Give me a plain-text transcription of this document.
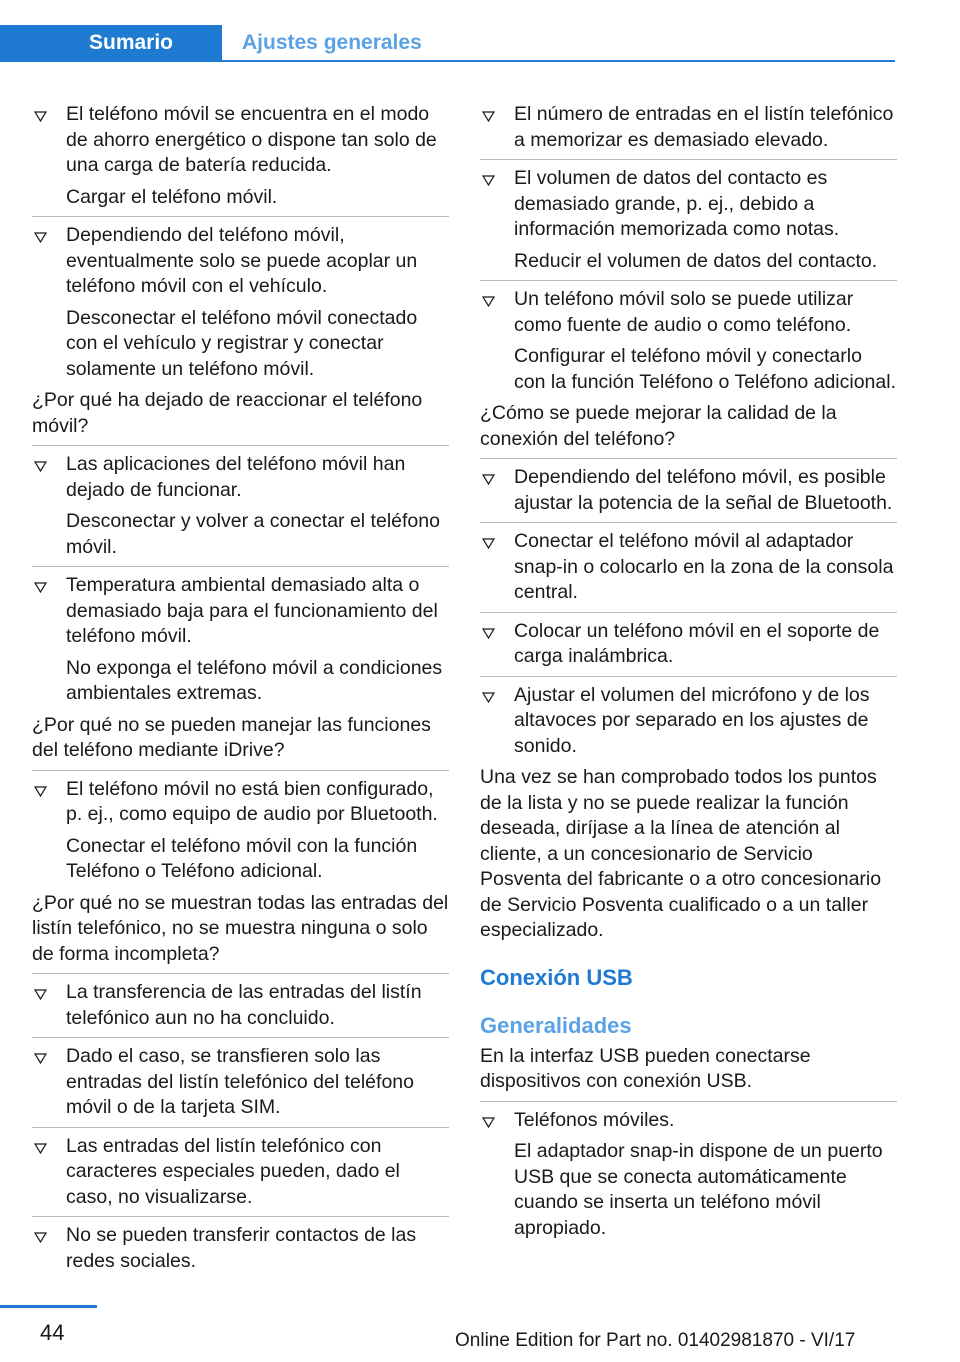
Sumario	Ajustes generales
El teléfono móvil se encuentra en el modo de ahorro energético o dispone tan solo de una carga de batería reducida.
Cargar el teléfono móvil.
Dependiendo del teléfono móvil, eventualmente solo se puede acoplar un teléfono móvil con el vehículo.
Desconectar el teléfono móvil conectado con el vehículo y registrar y conectar solamente un teléfono móvil.
¿Por qué ha dejado de reaccionar el teléfono móvil?
Las aplicaciones del teléfono móvil han dejado de funcionar.
Desconectar y volver a conectar el teléfono móvil.
Temperatura ambiental demasiado alta o demasiado baja para el funcionamiento del teléfono móvil.
No exponga el teléfono móvil a condiciones ambientales extremas.
¿Por qué no se pueden manejar las funciones del teléfono mediante iDrive?
El teléfono móvil no está bien configurado, p. ej., como equipo de audio por Bluetooth.
Conectar el teléfono móvil con la función Teléfono o Teléfono adicional.
¿Por qué no se muestran todas las entradas del listín telefónico, no se muestra ninguna o solo de forma incompleta?
La transferencia de las entradas del listín telefónico aun no ha concluido.
Dado el caso, se transfieren solo las entradas del listín telefónico del teléfono móvil o de la tarjeta SIM.
Las entradas del listín telefónico con caracteres especiales pueden, dado el caso, no visualizarse.
No se pueden transferir contactos de las redes sociales.
El número de entradas en el listín telefónico a memorizar es demasiado elevado.
El volumen de datos del contacto es demasiado grande, p. ej., debido a información memorizada como notas.
Reducir el volumen de datos del contacto.
Un teléfono móvil solo se puede utilizar como fuente de audio o como teléfono.
Configurar el teléfono móvil y conectarlo con la función Teléfono o Teléfono adicional.
¿Cómo se puede mejorar la calidad de la conexión del teléfono?
Dependiendo del teléfono móvil, es posible ajustar la potencia de la señal de Bluetooth.
Conectar el teléfono móvil al adaptador snap-in o colocarlo en la zona de la consola central.
Colocar un teléfono móvil en el soporte de carga inalámbrica.
Ajustar el volumen del micrófono y de los altavoces por separado en los ajustes de sonido.
Una vez se han comprobado todos los puntos de la lista y no se puede realizar la función deseada, diríjase a la línea de atención al cliente, a un concesionario de Servicio Posventa del fabricante o a otro concesionario de Servicio Posventa cualificado o a un taller especializado.
Conexión USB
Generalidades
En la interfaz USB pueden conectarse dispositivos con conexión USB.
Teléfonos móviles.
El adaptador snap-in dispone de un puerto USB que se conecta automáticamente cuando se inserta un teléfono móvil apropiado.
44	Online Edition for Part no. 01402981870 - VI/17
